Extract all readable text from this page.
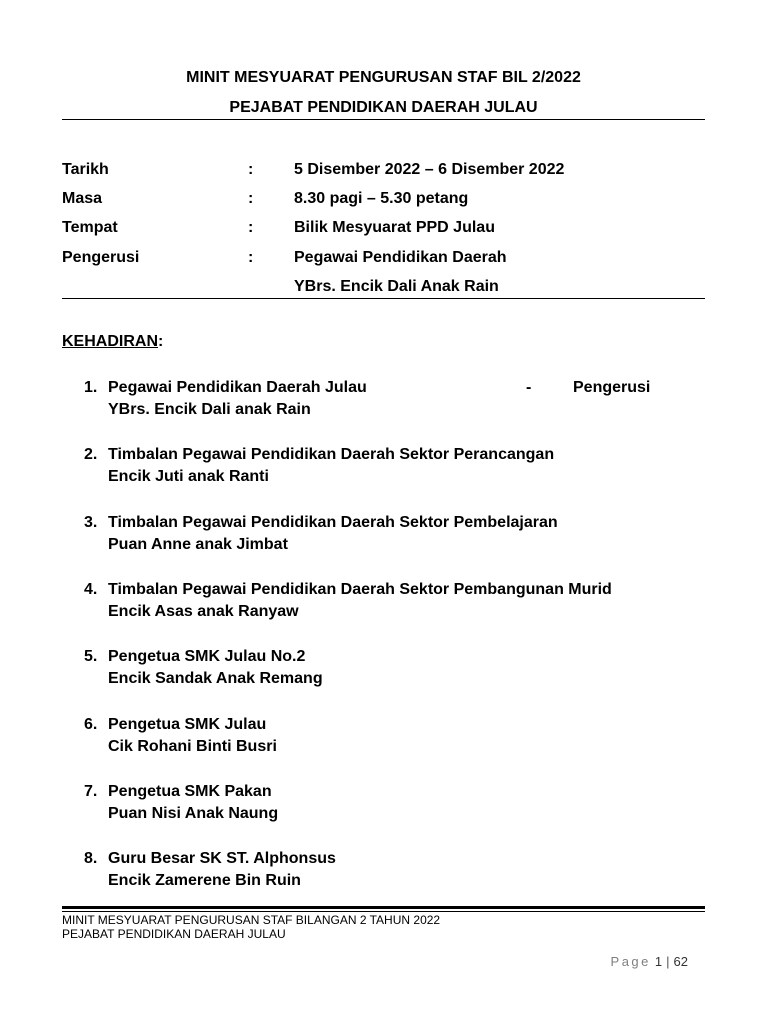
MINIT MESYUARAT PENGURUSAN STAF BIL 2/2022
PEJABAT PENDIDIKAN DAERAH JULAU
Tarikh	:	5 Disember 2022 – 6 Disember 2022
Masa	:	8.30 pagi – 5.30 petang
Tempat	:	Bilik Mesyuarat PPD Julau
Pengerusi	:	Pegawai Pendidikan Daerah
YBrs. Encik Dali Anak Rain
KEHADIRAN:
1. Pegawai Pendidikan Daerah Julau	-	Pengerusi
YBrs. Encik Dali anak Rain
2. Timbalan Pegawai Pendidikan Daerah Sektor Perancangan
Encik Juti anak Ranti
3. Timbalan Pegawai Pendidikan Daerah Sektor Pembelajaran
Puan Anne anak Jimbat
4. Timbalan Pegawai Pendidikan Daerah Sektor Pembangunan Murid
Encik Asas anak Ranyaw
5. Pengetua SMK Julau No.2
Encik Sandak Anak Remang
6. Pengetua SMK Julau
Cik Rohani Binti Busri
7. Pengetua SMK Pakan
Puan Nisi Anak Naung
8. Guru Besar SK ST. Alphonsus
Encik Zamerene Bin Ruin
MINIT MESYUARAT PENGURUSAN STAF BILANGAN 2 TAHUN 2022
PEJABAT PENDIDIKAN DAERAH JULAU
Page 1 | 62
